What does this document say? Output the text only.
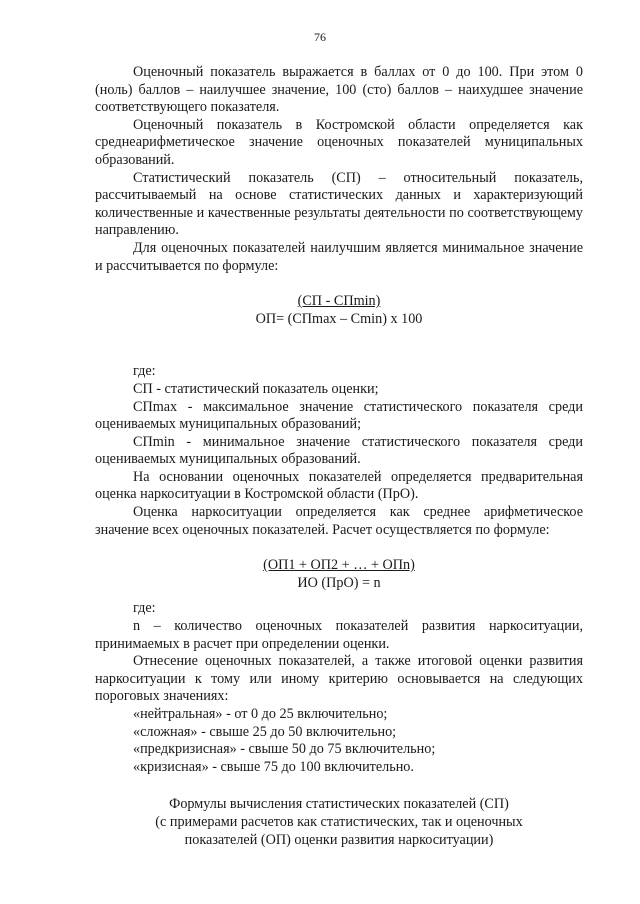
76

Оценочный показатель выражается в баллах от 0 до 100. При этом 0 (ноль) баллов – наилучшее значение, 100 (сто) баллов – наихудшее значение соответствующего показателя.

Оценочный показатель в Костромской области определяется как среднеарифметическое значение оценочных показателей муниципальных образований.

Статистический показатель (СП) – относительный показатель, рассчитываемый на основе статистических данных и характеризующий количественные и качественные результаты деятельности по соответствующему направлению.

Для оценочных показателей наилучшим является минимальное значение и рассчитывается по формуле:

(СП - СПmin)
ОП= (СПmax – Cmin) х 100

где:

СП - статистический показатель оценки;

СПmax - максимальное значение статистического показателя среди оцениваемых муниципальных образований;

СПmin - минимальное значение статистического показателя среди оцениваемых муниципальных образований.

На основании оценочных показателей определяется предварительная оценка наркоситуации в Костромской области (ПрО).

Оценка наркоситуации определяется как среднее арифметическое значение всех оценочных показателей. Расчет осуществляется по формуле:

(ОП1 + ОП2 + … + ОПn)
ИО (ПрО) = n

где:

n – количество оценочных показателей развития наркоситуации, принимаемых в расчет при определении оценки.

Отнесение оценочных показателей, а также итоговой оценки развития наркоситуации к тому или иному критерию основывается на следующих пороговых значениях:

«нейтральная» - от 0 до 25 включительно;

«сложная» - свыше 25 до 50 включительно;

«предкризисная» - свыше 50 до 75 включительно;

«кризисная» - свыше 75 до 100 включительно.

Формулы вычисления статистических показателей (СП)
(с примерами расчетов как статистических, так и оценочных
показателей (ОП) оценки развития наркоситуации)
